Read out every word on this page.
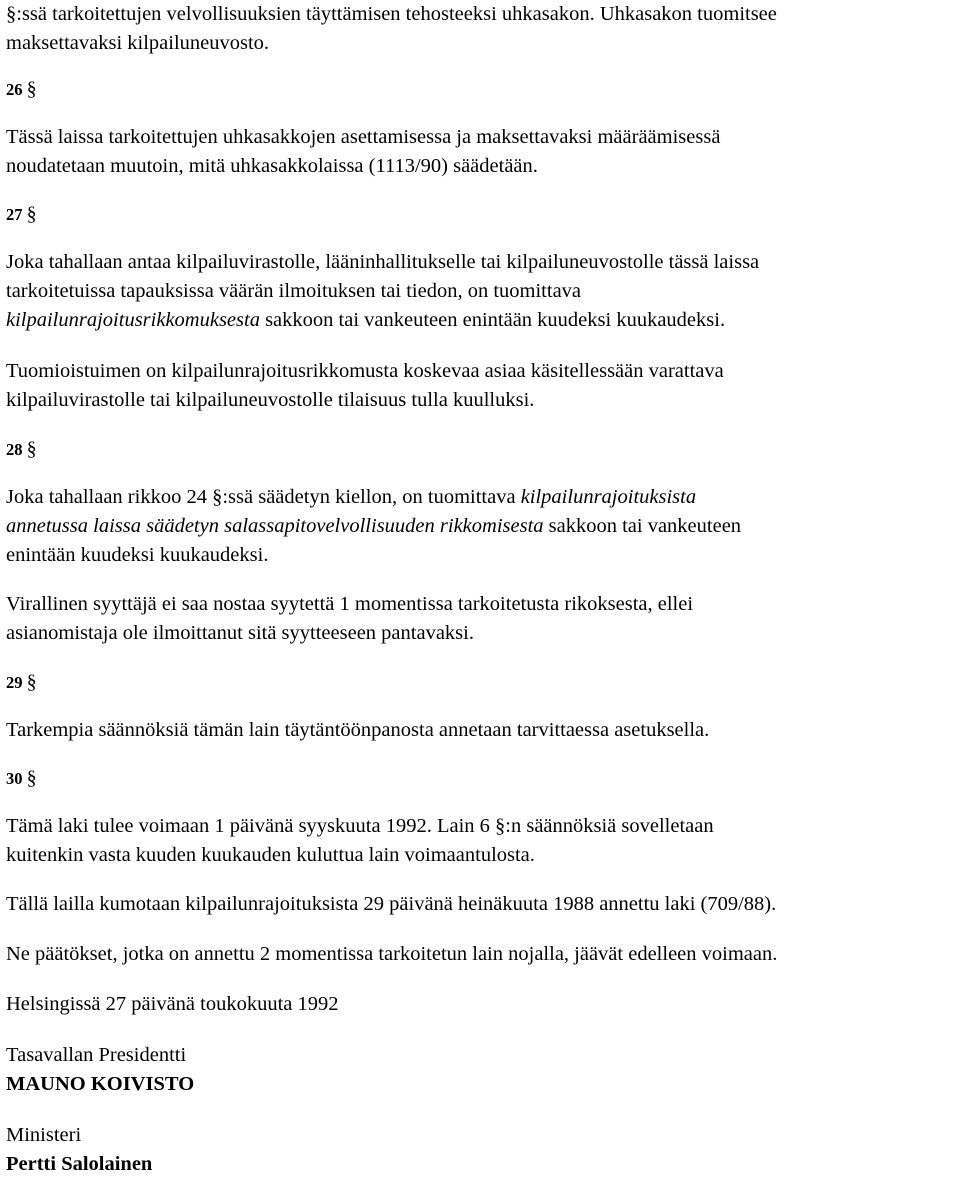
§:ssä tarkoitettujen velvollisuuksien täyttämisen tehosteeksi uhkasakon. Uhkasakon tuomitsee
maksettavaksi kilpailuneuvosto.
26 §
Tässä laissa tarkoitettujen uhkasakkojen asettamisessa ja maksettavaksi määräämisessä
noudatetaan muutoin, mitä uhkasakkolaissa (1113/90) säädetään.
27 §
Joka tahallaan antaa kilpailuvirastolle, lääninhallitukselle tai kilpailuneuvostolle tässä laissa
tarkoitetuissa tapauksissa väärän ilmoituksen tai tiedon, on tuomittava
kilpailunrajoitusrikkomuksesta sakkoon tai vankeuteen enintään kuudeksi kuukaudeksi.
Tuomioistuimen on kilpailunrajoitusrikkomusta koskevaa asiaa käsitellessään varattava
kilpailuvirastolle tai kilpailuneuvostolle tilaisuus tulla kuulluksi.
28 §
Joka tahallaan rikkoo 24 §:ssä säädetyn kiellon, on tuomittava kilpailunrajoituksista
annetussa laissa säädetyn salassapitovelvollisuuden rikkomisesta sakkoon tai vankeuteen
enintään kuudeksi kuukaudeksi.
Virallinen syyttäjä ei saa nostaa syytettä 1 momentissa tarkoitetusta rikoksesta, ellei
asianomistaja ole ilmoittanut sitä syytteeseen pantavaksi.
29 §
Tarkempia säännöksiä tämän lain täytäntöönpanosta annetaan tarvittaessa asetuksella.
30 §
Tämä laki tulee voimaan 1 päivänä syyskuuta 1992. Lain 6 §:n säännöksiä sovelletaan
kuitenkin vasta kuuden kuukauden kuluttua lain voimaantulosta.
Tällä lailla kumotaan kilpailunrajoituksista 29 päivänä heinäkuuta 1988 annettu laki (709/88).
Ne päätökset, jotka on annettu 2 momentissa tarkoitetun lain nojalla, jäävät edelleen voimaan.
Helsingissä 27 päivänä toukokuuta 1992
Tasavallan Presidentti
MAUNO KOIVISTO
Ministeri
Pertti Salolainen
